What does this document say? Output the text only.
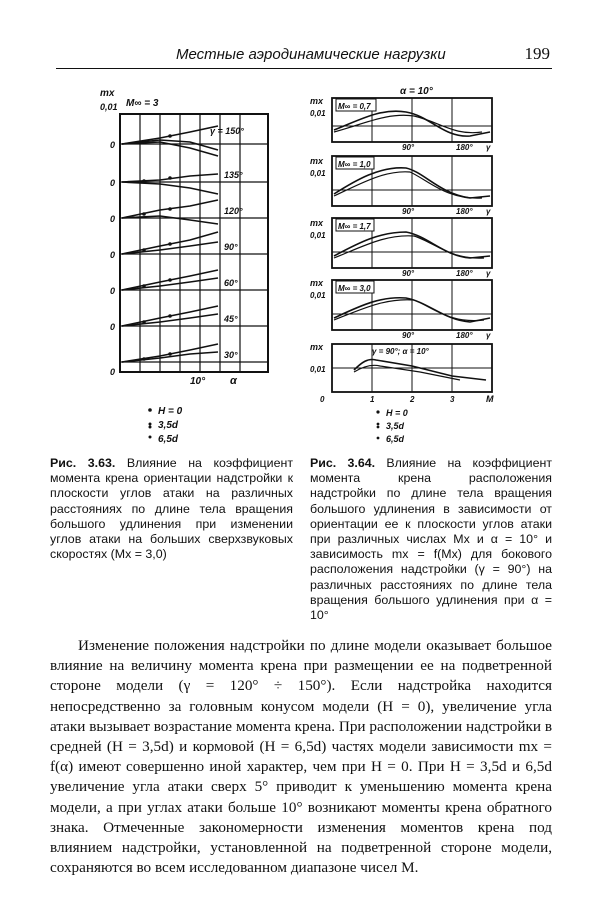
Местные аэродинамические нагрузки	199
mx
0,01 M∞ = 3
0
0
0
0
0
0
0
γ = 150°
135°
120°
90°
60°
45°
30°
10° α
H = 0
3,5d
6,5d
α = 10°
mx
0,01
M∞ = 0,7
90°	180° γ
mx
0,01
M∞ = 1,0
90°	180° γ
mx
0,01
M∞ = 1,7
90°	180° γ
mx
0,01
M∞ = 3,0
90°	180° γ
mx
0,01
γ = 90°; α = 10°
0	1	2	3	M
H = 0
3,5d
6,5d
Рис. 3.63. Влияние на коэффициент момента крена ориентации надстройки к плоскости углов атаки на различных расстояниях по длине тела вращения большого удлинения при изменении углов атаки на больших сверхзвуковых скоростях (Mx = 3,0)
Рис. 3.64. Влияние на коэффициент момента крена расположения надстройки по длине тела вращения большого удлинения в зависимости от ориентации ее к плоскости углов атаки при различных числах Mx и α = 10° и зависимость mx = f(Mx) для бокового расположения надстройки (γ = 90°) на различных расстояниях по длине тела вращения большого удлинения при α = 10°
Изменение положения надстройки по длине модели оказывает большое влияние на величину момента крена при размещении ее на подветренной стороне модели (γ = 120° ÷ 150°). Если надстройка находится непосредственно за головным конусом модели (H = 0), увеличение угла атаки вызывает возрастание момента крена. При расположении надстройки в средней (H = 3,5d) и кормовой (H = 6,5d) частях модели зависимости mx = f(α) имеют совершенно иной характер, чем при H = 0. При H = 3,5d и 6,5d увеличение угла атаки сверх 5° приводит к уменьшению момента крена модели, а при углах атаки больше 10° возникают моменты крена обратного знака. Отмеченные закономерности изменения моментов крена под влиянием надстройки, установленной на подветренной стороне модели, сохраняются во всем исследованном диапазоне чисел M.
